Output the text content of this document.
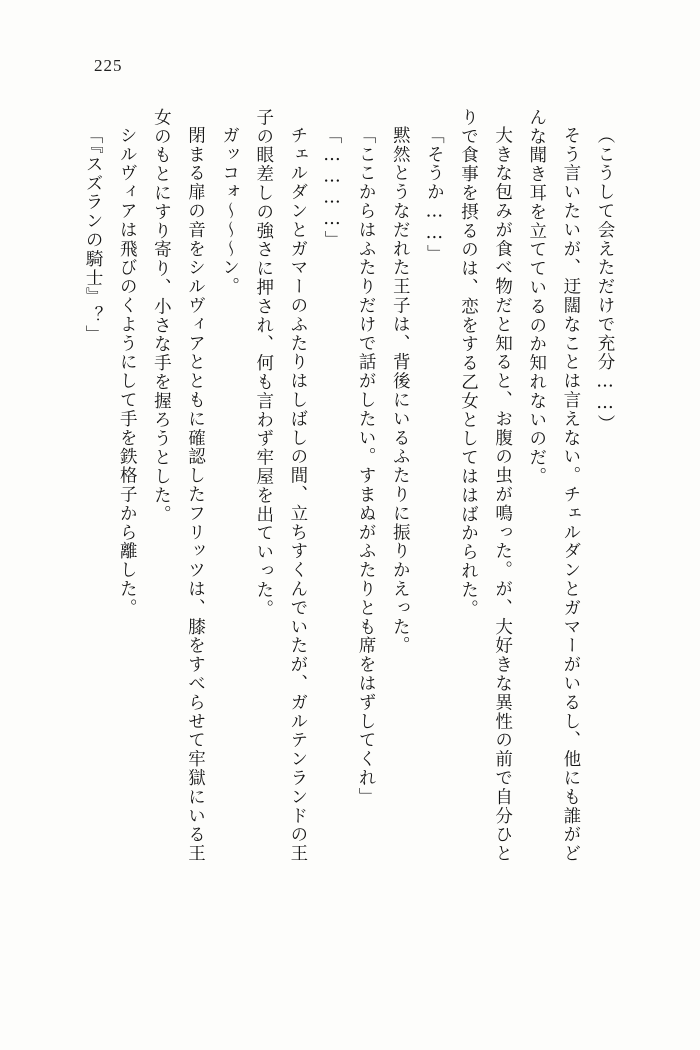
225
（こうして会えただけで充分……）
そう言いたいが、迂闊なことは言えない。チェルダンとガマーがいるし、他にも誰がど
んな聞き耳を立てているのか知れないのだ。
大きな包みが食べ物だと知ると、お腹の虫が鳴った。が、大好きな異性の前で自分ひと
りで食事を摂るのは、恋をする乙女としてははばかられた。
「そうか……」
黙然とうなだれた王子は、背後にいるふたりに振りかえった。
「ここからはふたりだけで話がしたい。すまぬがふたりとも席をはずしてくれ」
「…………」
チェルダンとガマーのふたりはしばしの間、立ちすくんでいたが、ガルテンランドの王
子の眼差しの強さに押され、何も言わず牢屋を出ていった。
ガッコォ～～～ン。
閉まる扉の音をシルヴィアとともに確認したフリッツは、膝をすべらせて牢獄にいる王
女のもとにすり寄り、小さな手を握ろうとした。
シルヴィアは飛びのくようにして手を鉄格子から離した。
「『スズランの騎士』？」
